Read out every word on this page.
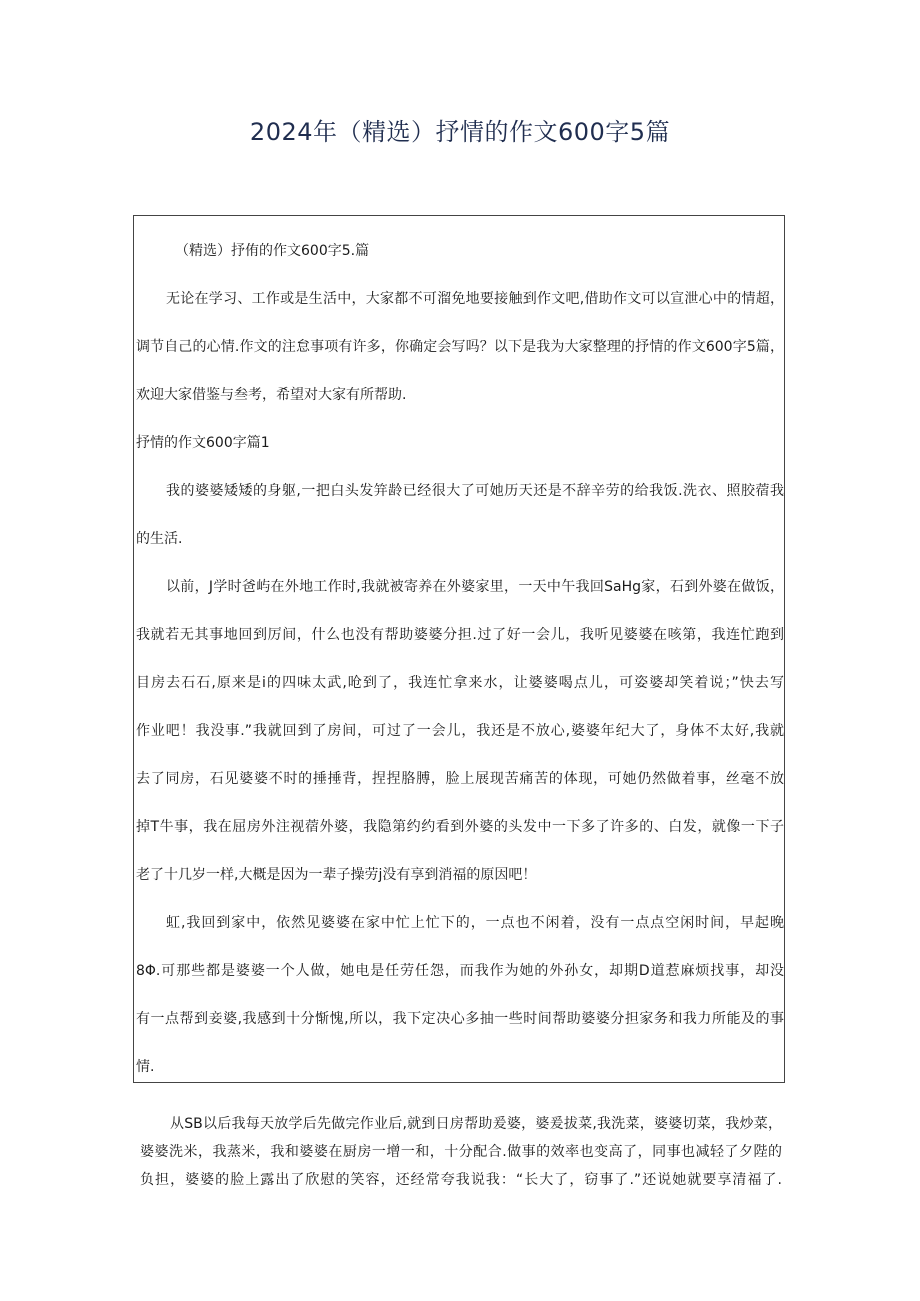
2024年（精选）抒情的作文600字5篇
（精选）抒侑的作文600字5.篇
无论在学习、工作或是生活中，大家都不可溜免地要接触到作文吧,借助作文可以宣泄心中的情超，
调节自己的心情.作文的注怠事项有许多，你确定会写吗？以下是我为大家整理的抒情的作文600字5篇，
欢迎大家借鉴与叁考，希望对大家有所帮助.
抒情的作文600字篇1
我的婆婆矮矮的身躯,一把白头发笄龄已经很大了可她历天还是不辞辛劳的给我饭.洗衣、照胶蓿我
的生活.
以前，J学时爸屿在外地工作时,我就被寄养在外婆家里，一天中午我回SaHg家，石到外婆在做饭，
我就若无其事地回到厉间，什么也没有帮助婆婆分担.过了好一会儿，我听见婆婆在咳第，我连忙跑到
目房去石石,原来是i的四味太武,呛到了，我连忙拿来水，让婆婆喝点儿，可姿婆却笑着说；”快去写
作业吧！我没事.”我就回到了房间，可过了一会儿，我还是不放心,婆婆年纪大了，身体不太好,我就
去了同房，石见婆婆不时的捶捶背，捏捏胳膊，脸上展现苦痛苦的体现，可她仍然做着事，丝毫不放
掉T牛事，我在屈房外注视蓿外婆，我隐第约约看到外婆的头发中一下多了许多的、白发，就像一下子
老了十几岁一样,大概是因为一辈子操劳j没有享到消福的原因吧！
虹,我回到家中，依然见婆婆在家中忙上忙下的，一点也不闲着，没有一点点空闲时间，早起晚
8Φ.可那些都是婆婆一个人做，她电是任劳任怨，而我作为她的外孙女，却期D道惹麻烦找事，却没
有一点帮到妾婆,我感到十分惭愧,所以，我下定决心多抽一些时间帮助婆婆分担家务和我力所能及的事
情.
从SB以后我每天放学后先做完作业后,就到日房帮助爰婆，婆爰拔菜,我洗菜，婆婆切菜，我炒菜，
婆婆洗米，我蒸米，我和婆婆在厨房一增一和，十分配合.做事的效率也变高了，同事也减轻了夕陛的
负担，婆婆的脸上露出了欣慰的笑容，还经常夸我说我：“长大了，窃事了.”还说她就要享清福了.
